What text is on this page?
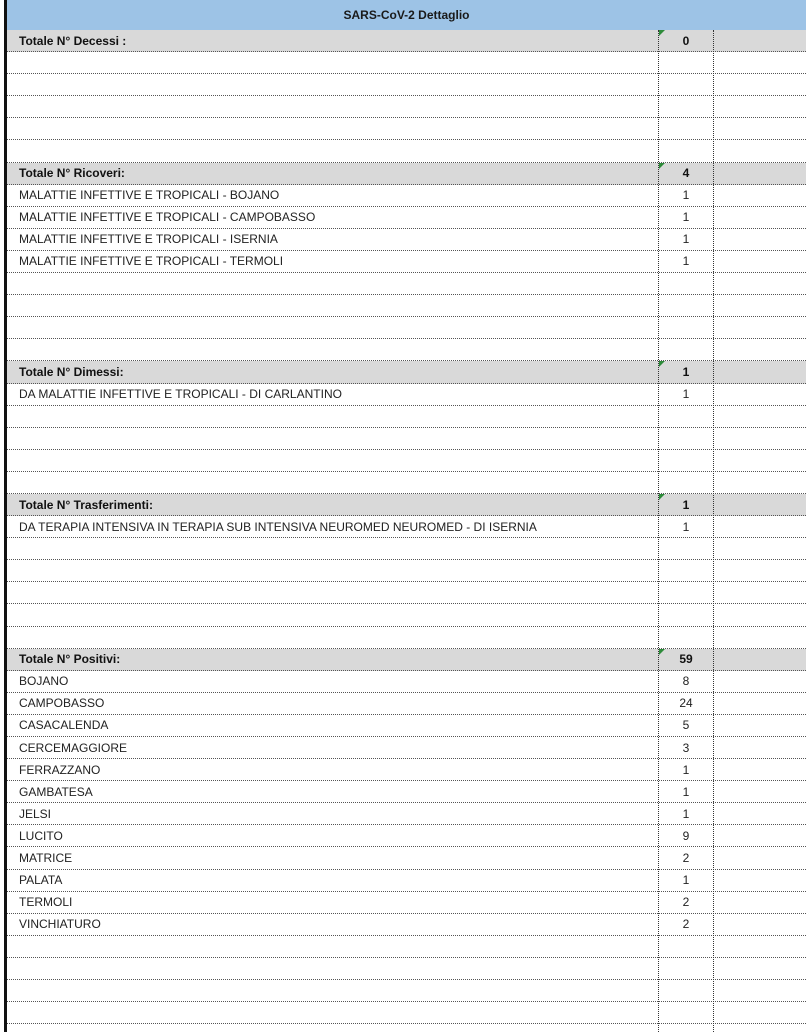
SARS-CoV-2 Dettaglio
Totale N° Decessi :	0
Totale N° Ricoveri:	4
MALATTIE INFETTIVE E TROPICALI - BOJANO	1
MALATTIE INFETTIVE E TROPICALI - CAMPOBASSO	1
MALATTIE INFETTIVE E TROPICALI - ISERNIA	1
MALATTIE INFETTIVE E TROPICALI - TERMOLI	1
Totale N° Dimessi:	1
DA MALATTIE INFETTIVE E TROPICALI - DI CARLANTINO	1
Totale N° Trasferimenti:	1
DA TERAPIA INTENSIVA IN TERAPIA SUB INTENSIVA NEUROMED NEUROMED - DI ISERNIA	1
Totale N° Positivi:	59
BOJANO	8
CAMPOBASSO	24
CASACALENDA	5
CERCEMAGGIORE	3
FERRAZZANO	1
GAMBATESA	1
JELSI	1
LUCITO	9
MATRICE	2
PALATA	1
TERMOLI	2
VINCHIATURO	2
